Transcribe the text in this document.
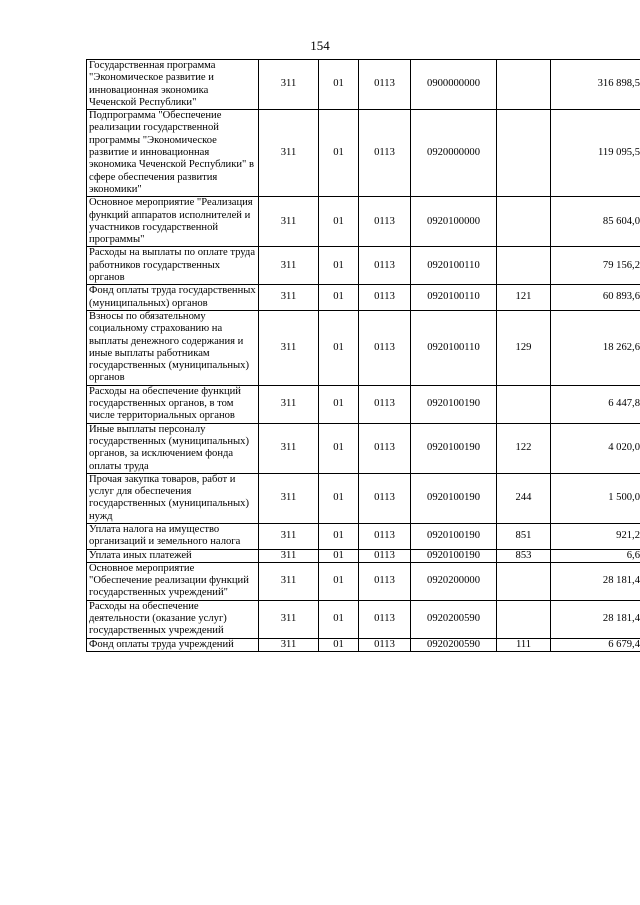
154
Государственная программа "Экономическое развитие и инновационная экономика Чеченской Республики"	311	01	0113	0900000000		316 898,5
Подпрограмма "Обеспечение реализации государственной программы "Экономическое развитие и инновационная экономика Чеченской Республики" в сфере обеспечения развития экономики"	311	01	0113	0920000000		119 095,5
Основное мероприятие "Реализация функций аппаратов исполнителей и участников государственной программы"	311	01	0113	0920100000		85 604,0
Расходы на выплаты по оплате труда работников государственных органов	311	01	0113	0920100110		79 156,2
Фонд оплаты труда государственных (муниципальных) органов	311	01	0113	0920100110	121	60 893,6
Взносы по обязательному социальному страхованию на выплаты денежного содержания и иные выплаты работникам государственных (муниципальных) органов	311	01	0113	0920100110	129	18 262,6
Расходы на обеспечение функций государственных органов, в том числе территориальных органов	311	01	0113	0920100190		6 447,8
Иные выплаты персоналу государственных (муниципальных) органов, за исключением фонда оплаты труда	311	01	0113	0920100190	122	4 020,0
Прочая закупка товаров, работ и услуг для обеспечения государственных (муниципальных) нужд	311	01	0113	0920100190	244	1 500,0
Уплата налога на имущество организаций и земельного налога	311	01	0113	0920100190	851	921,2
Уплата иных платежей	311	01	0113	0920100190	853	6,6
Основное мероприятие "Обеспечение реализации функций государственных учреждений"	311	01	0113	0920200000		28 181,4
Расходы на обеспечение деятельности (оказание услуг) государственных учреждений	311	01	0113	0920200590		28 181,4
Фонд оплаты труда учреждений	311	01	0113	0920200590	111	6 679,4
